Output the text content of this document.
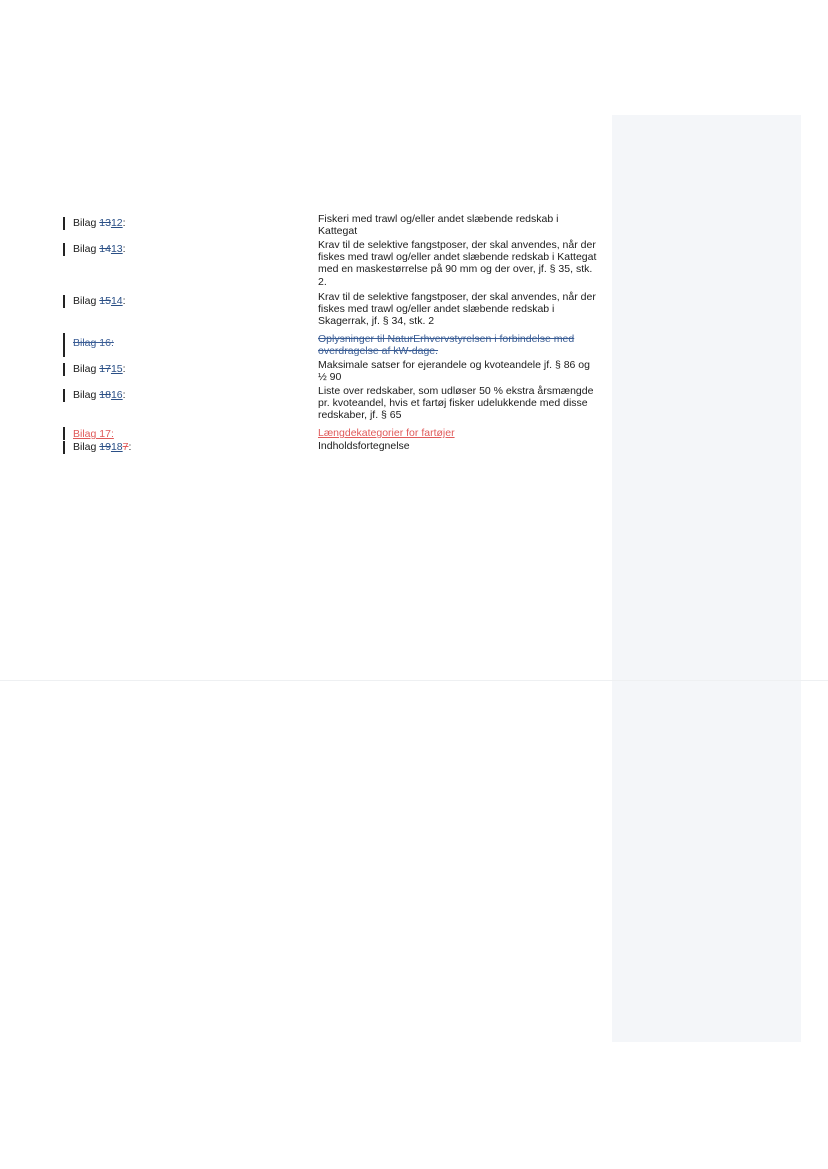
Bilag 1312:	Fiskeri med trawl og/eller andet slæbende redskab i Kattegat
Bilag 1413:	Krav til de selektive fangstposer, der skal anvendes, når der fiskes med trawl og/eller andet slæbende redskab i Kattegat med en maskestørrelse på 90 mm og der over, jf. § 35, stk. 2.
Bilag 1514:	Krav til de selektive fangstposer, der skal anvendes, når der fiskes med trawl og/eller andet slæbende redskab i Skagerrak, jf. § 34, stk. 2
Bilag 16:	Oplysninger til NaturErhvervstyrelsen i forbindelse med overdragelse af kW-dage.
Bilag 1715:	Maksimale satser for ejerandele og kvoteandele jf. § 86 og ½ 90
Bilag 1816:	Liste over redskaber, som udløser 50 % ekstra årsmængde pr. kvoteandel, hvis et fartøj fisker udelukkende med disse redskaber, jf. § 65
Bilag 17:	Længdekategorier for fartøjer
Bilag 19187:	Indholdsfortegnelse
